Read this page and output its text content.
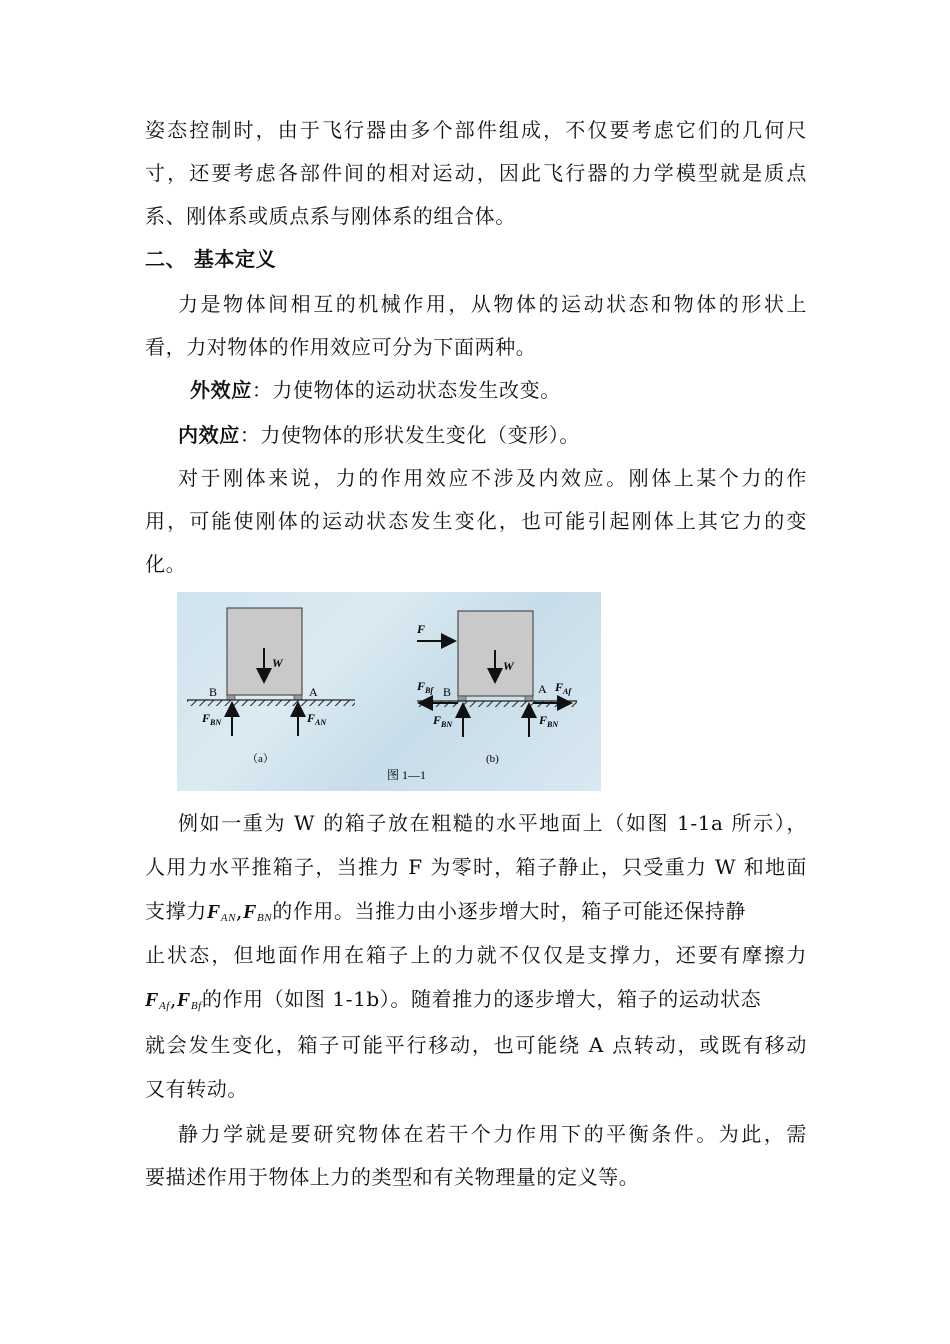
姿态控制时，由于飞行器由多个部件组成，不仅要考虑它们的几何尺

寸，还要考虑各部件间的相对运动，因此飞行器的力学模型就是质点

系、刚体系或质点系与刚体系的组合体。

二、 基本定义

力是物体间相互的机械作用，从物体的运动状态和物体的形状上

看，力对物体的作用效应可分为下面两种。

外效应：力使物体的运动状态发生改变。

内效应：力使物体的形状发生变化（变形）。

对于刚体来说，力的作用效应不涉及内效应。刚体上某个力的作

用，可能使刚体的运动状态发生变化，也可能引起刚体上其它力的变

化。

W
B	A
$F_{BN}$	$F_{AN}$
（a）
F
W
$F_{Bf}$ B	A $F_{Af}$
$F_{BN}$	$F_{BN}$
(b)
图 1—1

例如一重为 W 的箱子放在粗糙的水平地面上（如图 1-1a 所示），

人用力水平推箱子，当推力 F 为零时，箱子静止，只受重力 W 和地面

支撑力$F_{AN},F_{BN}$的作用。当推力由小逐步增大时，箱子可能还保持静

止状态，但地面作用在箱子上的力就不仅仅是支撑力，还要有摩擦力

$F_{Af},F_{Bf}$的作用（如图 1-1b）。随着推力的逐步增大，箱子的运动状态

就会发生变化，箱子可能平行移动，也可能绕 A 点转动，或既有移动

又有转动。

静力学就是要研究物体在若干个力作用下的平衡条件。为此，需

要描述作用于物体上力的类型和有关物理量的定义等。
